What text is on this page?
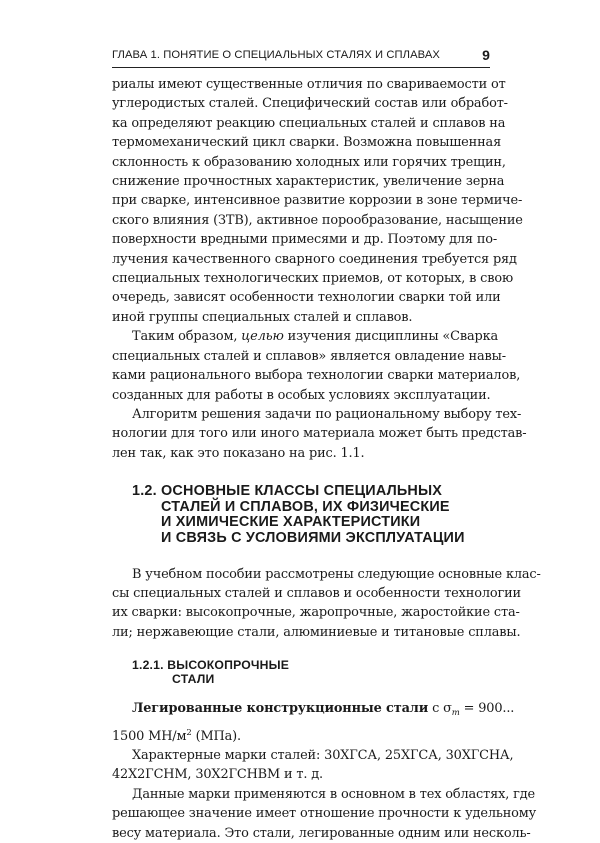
ГЛАВА 1. ПОНЯТИЕ О СПЕЦИАЛЬНЫХ СТАЛЯХ И СПЛАВАХ	9
риалы имеют существенные отличия по свариваемости от
углеродистых сталей. Специфический состав или обработ-
ка определяют реакцию специальных сталей и сплавов на
термомеханический цикл сварки. Возможна повышенная
склонность к образованию холодных или горячих трещин,
снижение прочностных характеристик, увеличение зерна
при сварке, интенсивное развитие коррозии в зоне термиче-
ского влияния (ЗТВ), активное порообразование, насыщение
поверхности вредными примесями и др. Поэтому для по-
лучения качественного сварного соединения требуется ряд
специальных технологических приемов, от которых, в свою
очередь, зависят особенности технологии сварки той или
иной группы специальных сталей и сплавов.
Таким образом, целью изучения дисциплины «Сварка
специальных сталей и сплавов» является овладение навы-
ками рационального выбора технологии сварки материалов,
созданных для работы в особых условиях эксплуатации.
Алгоритм решения задачи по рациональному выбору тех-
нологии для того или иного материала может быть представ-
лен так, как это показано на рис. 1.1.
1.2. ОСНОВНЫЕ КЛАССЫ СПЕЦИАЛЬНЫХ
СТАЛЕЙ И СПЛАВОВ, ИХ ФИЗИЧЕСКИЕ
И ХИМИЧЕСКИЕ ХАРАКТЕРИСТИКИ
И СВЯЗЬ С УСЛОВИЯМИ ЭКСПЛУАТАЦИИ
В учебном пособии рассмотрены следующие основные клас-
сы специальных сталей и сплавов и особенности технологии
их сварки: высокопрочные, жаропрочные, жаростойкие ста-
ли; нержавеющие стали, алюминиевые и титановые сплавы.
1.2.1. ВЫСОКОПРОЧНЫЕ
СТАЛИ
Легированные конструкционные стали с $\sigma_т = 900$...
1500 $МН/м^2$ (МПа).
Характерные марки сталей: 30ХГСА, 25ХГСА, 30ХГСНА,
42Х2ГСНМ, 30Х2ГСНВМ и т. д.
Данные марки применяются в основном в тех областях, где
решающее значение имеет отношение прочности к удельному
весу материала. Это стали, легированные одним или несколь-
